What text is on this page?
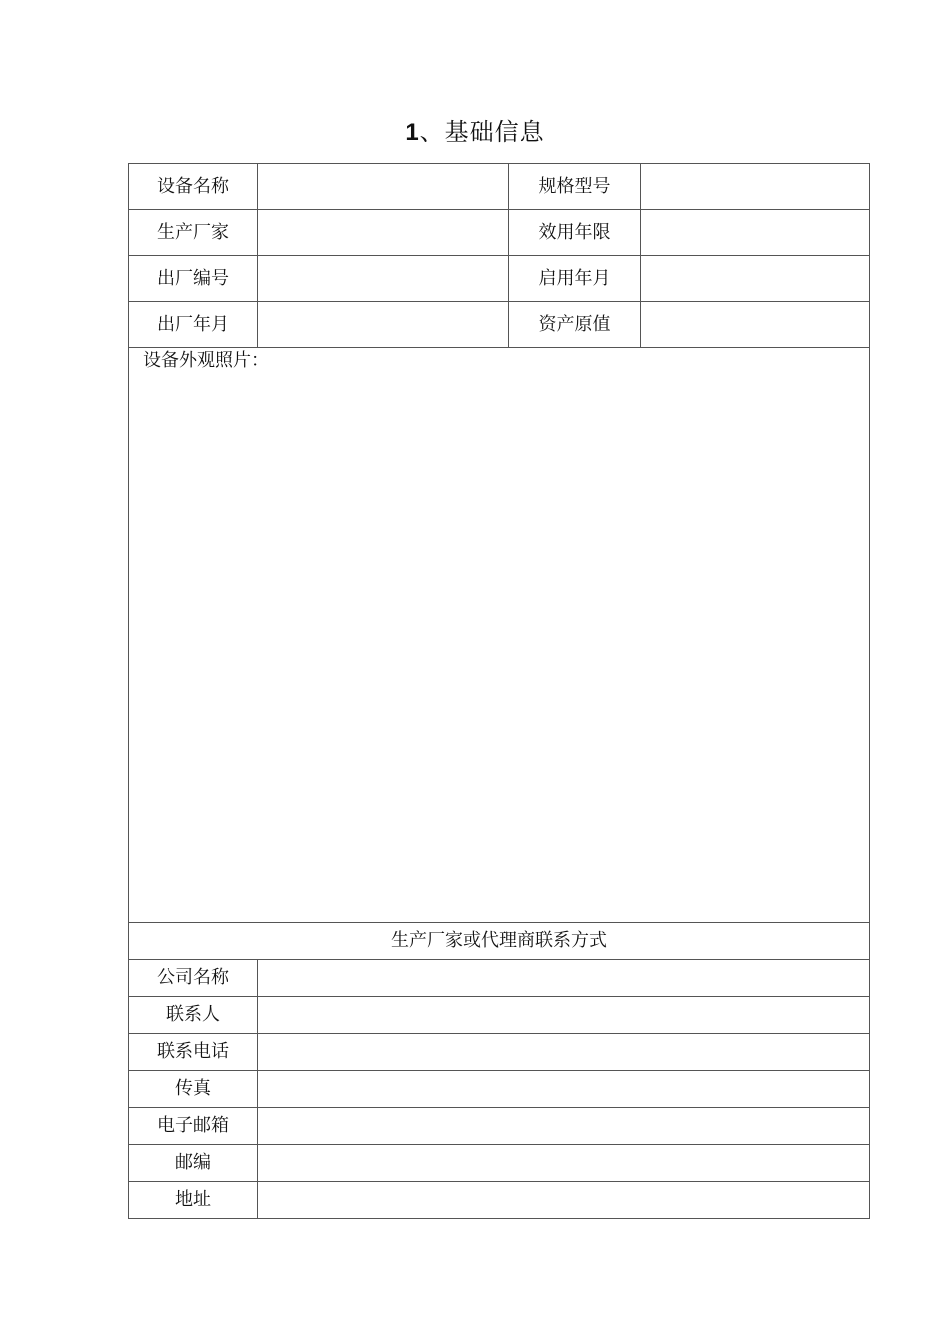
1、基础信息
设备名称		规格型号	
生产厂家		效用年限	
出厂编号		启用年月	
出厂年月		资产原值	
设备外观照片：			
生产厂家或代理商联系方式			
公司名称			
联系人			
联系电话			
传真			
电子邮箱			
邮编			
地址			
